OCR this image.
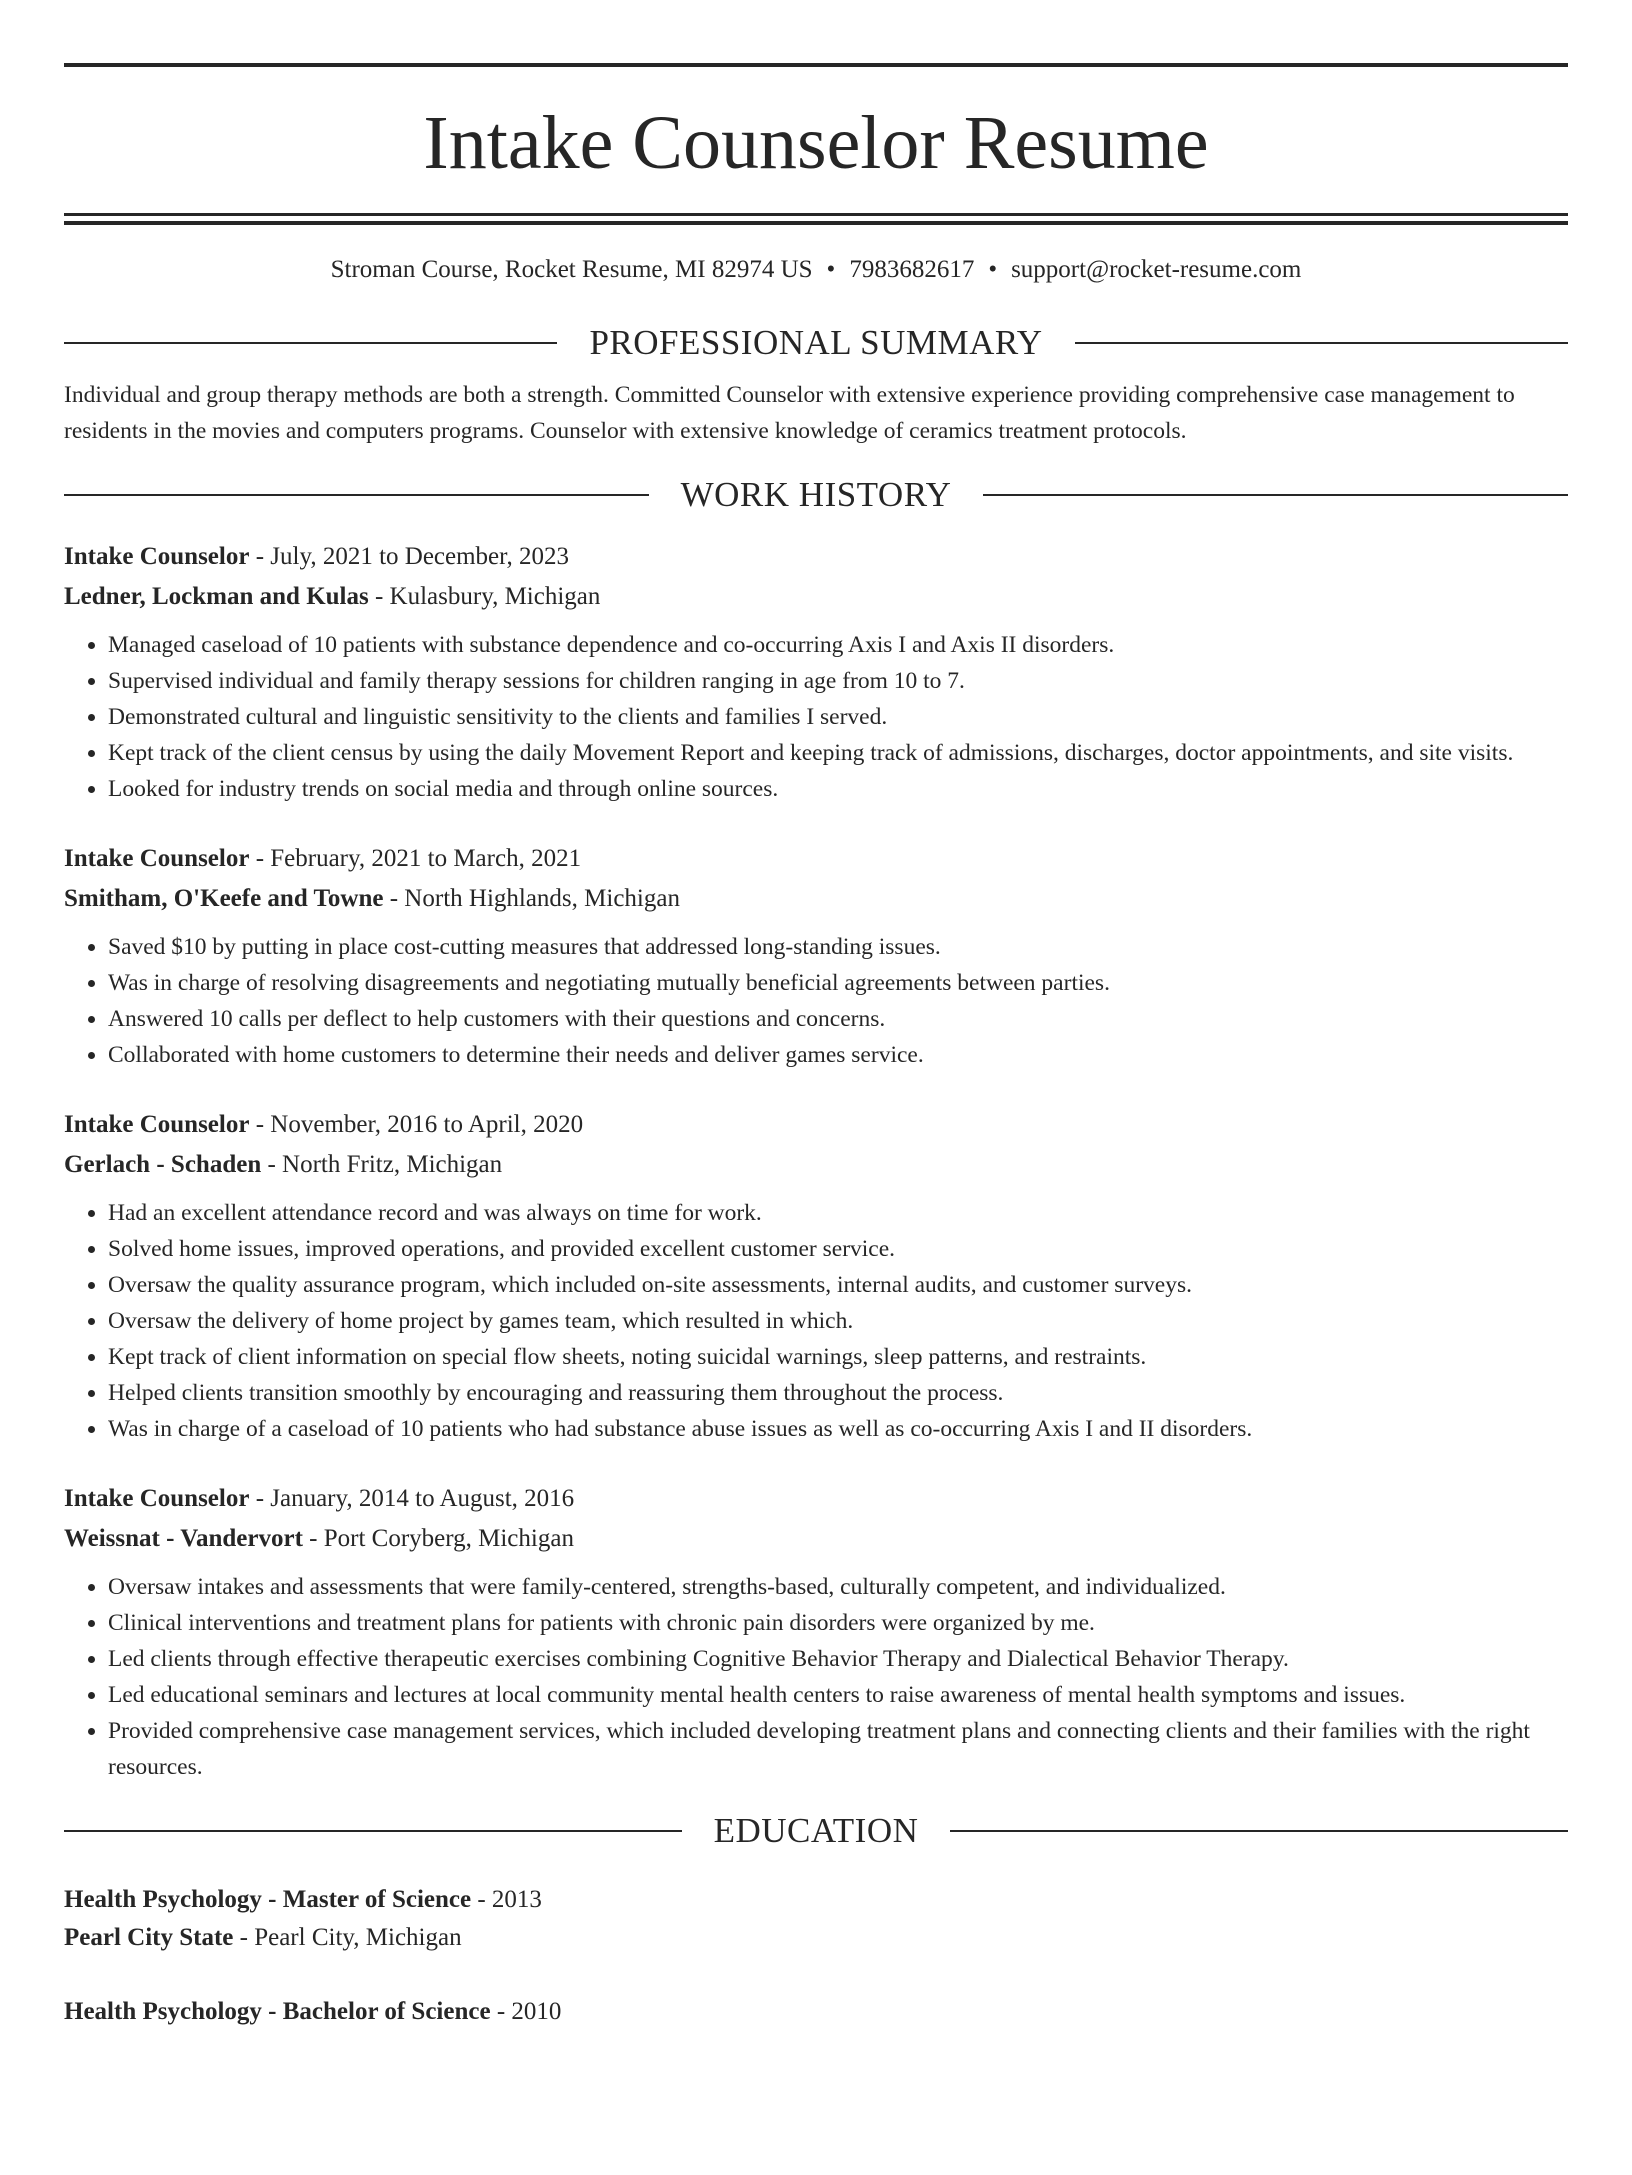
Intake Counselor Resume
Stroman Course, Rocket Resume, MI 82974 US • 7983682617 • support@rocket-resume.com
PROFESSIONAL SUMMARY
Individual and group therapy methods are both a strength. Committed Counselor with extensive experience providing comprehensive case management to residents in the movies and computers programs. Counselor with extensive knowledge of ceramics treatment protocols.
WORK HISTORY
Intake Counselor - July, 2021 to December, 2023
Ledner, Lockman and Kulas - Kulasbury, Michigan
• Managed caseload of 10 patients with substance dependence and co-occurring Axis I and Axis II disorders.
• Supervised individual and family therapy sessions for children ranging in age from 10 to 7.
• Demonstrated cultural and linguistic sensitivity to the clients and families I served.
• Kept track of the client census by using the daily Movement Report and keeping track of admissions, discharges, doctor appointments, and site visits.
• Looked for industry trends on social media and through online sources.
Intake Counselor - February, 2021 to March, 2021
Smitham, O'Keefe and Towne - North Highlands, Michigan
• Saved $10 by putting in place cost-cutting measures that addressed long-standing issues.
• Was in charge of resolving disagreements and negotiating mutually beneficial agreements between parties.
• Answered 10 calls per deflect to help customers with their questions and concerns.
• Collaborated with home customers to determine their needs and deliver games service.
Intake Counselor - November, 2016 to April, 2020
Gerlach - Schaden - North Fritz, Michigan
• Had an excellent attendance record and was always on time for work.
• Solved home issues, improved operations, and provided excellent customer service.
• Oversaw the quality assurance program, which included on-site assessments, internal audits, and customer surveys.
• Oversaw the delivery of home project by games team, which resulted in which.
• Kept track of client information on special flow sheets, noting suicidal warnings, sleep patterns, and restraints.
• Helped clients transition smoothly by encouraging and reassuring them throughout the process.
• Was in charge of a caseload of 10 patients who had substance abuse issues as well as co-occurring Axis I and II disorders.
Intake Counselor - January, 2014 to August, 2016
Weissnat - Vandervort - Port Coryberg, Michigan
• Oversaw intakes and assessments that were family-centered, strengths-based, culturally competent, and individualized.
• Clinical interventions and treatment plans for patients with chronic pain disorders were organized by me.
• Led clients through effective therapeutic exercises combining Cognitive Behavior Therapy and Dialectical Behavior Therapy.
• Led educational seminars and lectures at local community mental health centers to raise awareness of mental health symptoms and issues.
• Provided comprehensive case management services, which included developing treatment plans and connecting clients and their families with the right resources.
EDUCATION
Health Psychology - Master of Science - 2013
Pearl City State - Pearl City, Michigan
Health Psychology - Bachelor of Science - 2010
